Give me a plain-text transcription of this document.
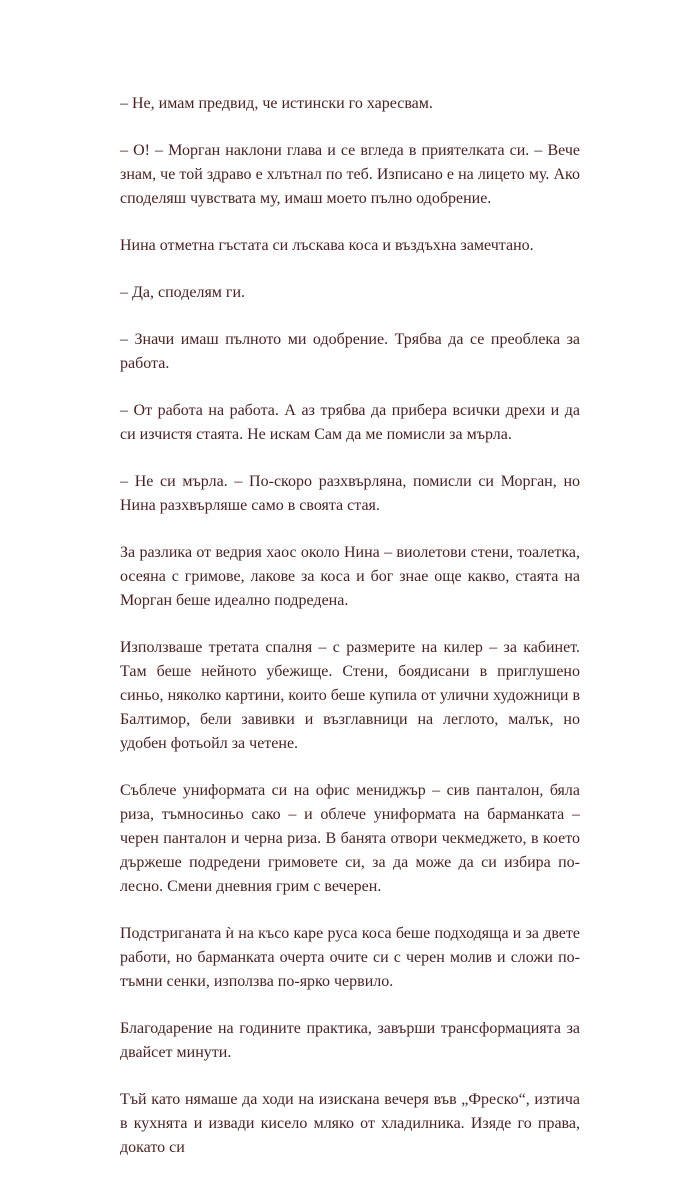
– Не, имам предвид, че истински го харесвам.

– О! – Морган наклони глава и се вгледа в приятелката си. – Вече знам, че той здраво е хлътнал по теб. Изписано е на лицето му. Ако споделяш чувствата му, имаш моето пълно одобрение.

Нина отметна гъстата си лъскава коса и въздъхна замечтано.

– Да, споделям ги.

– Значи имаш пълното ми одобрение. Трябва да се преоблека за работа.

– От работа на работа. А аз трябва да прибера всички дрехи и да си изчистя стаята. Не искам Сам да ме помисли за мърла.

– Не си мърла. – По-скоро разхвърляна, помисли си Морган, но Нина разхвърляше само в своята стая.

За разлика от ведрия хаос около Нина – виолетови стени, тоалетка, осеяна с гримове, лакове за коса и бог знае още какво, стаята на Морган беше идеално подредена.

Използваше третата спалня – с размерите на килер – за кабинет. Там беше нейното убежище. Стени, боядисани в приглушено синьо, няколко картини, които беше купила от улични художници в Балтимор, бели завивки и възглавници на леглото, малък, но удобен фотьойл за четене.

Съблече униформата си на офис мениджър – сив панталон, бяла риза, тъмносиньо сако – и облече униформата на барманката – черен панталон и черна риза. В банята отвори чекмеджето, в което държеше подредени гримовете си, за да може да си избира по-лесно. Смени дневния грим с вечерен.

Подстриганата ѝ на късо каре руса коса беше подходяща и за двете работи, но барманката очерта очите си с черен молив и сложи по-тъмни сенки, използва по-ярко червило.

Благодарение на годините практика, завърши трансформацията за двайсет минути.

Тъй като нямаше да ходи на изискана вечеря във „Фреско“, изтича в кухнята и извади кисело мляко от хладилника. Изяде го права, докато си
